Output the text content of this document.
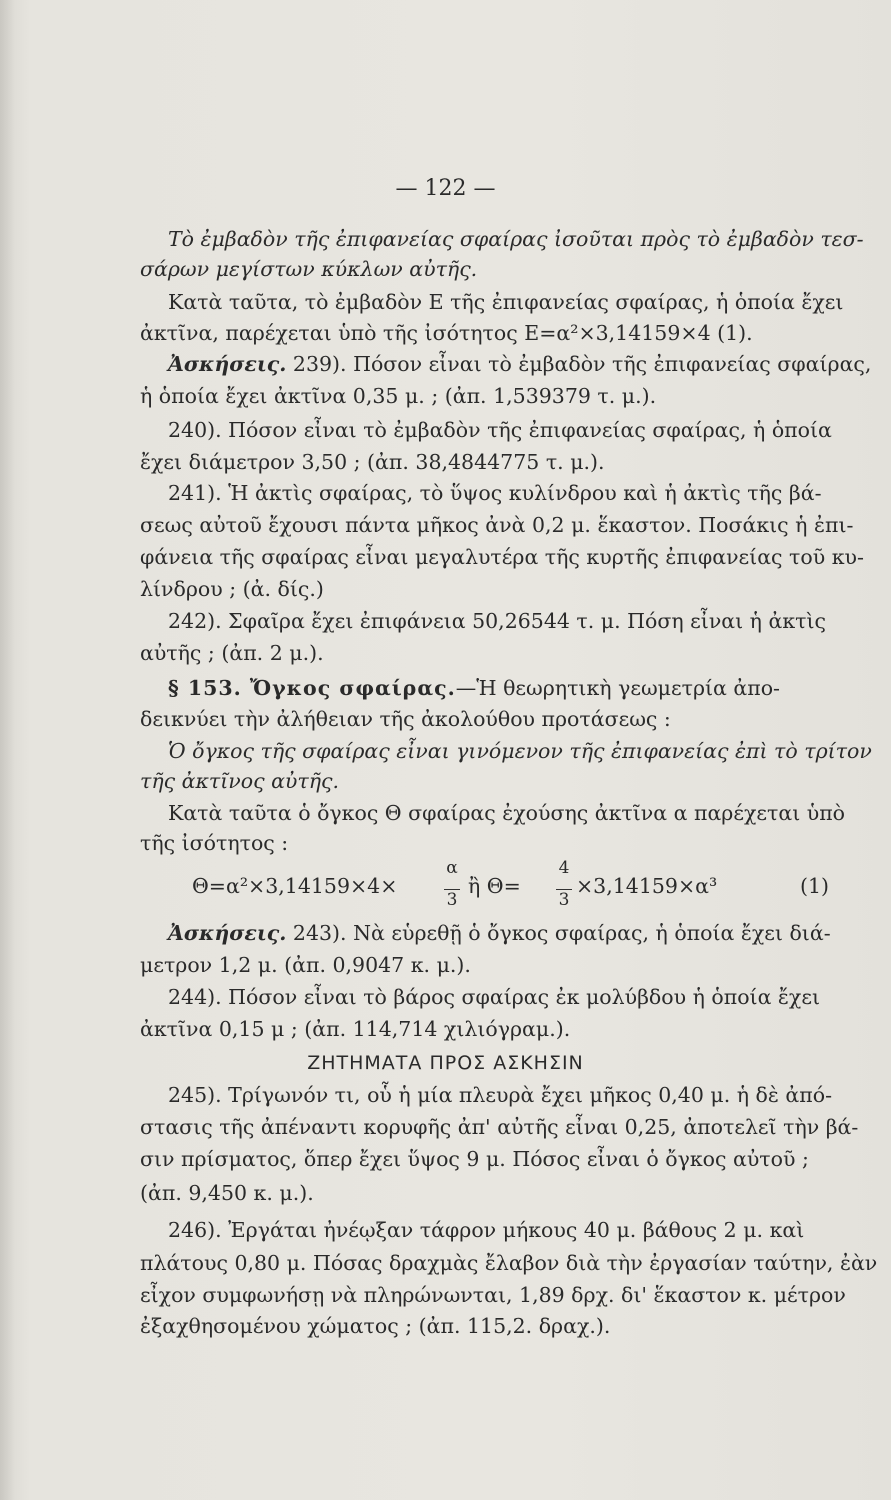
— 122 —
Τὸ ἐμβαδὸν τῆς ἐπιφανείας σφαίρας ἰσοῦται πρὸς τὸ ἐμβαδὸν τεσ-
σάρων μεγίστων κύκλων αὐτῆς.
Κατὰ ταῦτα, τὸ ἐμβαδὸν Ε τῆς ἐπιφανείας σφαίρας, ἡ ὁποία ἔχει
ἀκτῖνα, παρέχεται ὑπὸ τῆς ἰσότητος Ε=α²×3,14159×4 (1).
Ἀσκήσεις. 239). Πόσον εἶναι τὸ ἐμβαδὸν τῆς ἐπιφανείας σφαίρας,
ἡ ὁποία ἔχει ἀκτῖνα 0,35 μ. ; (ἀπ. 1,539379 τ. μ.).
240). Πόσον εἶναι τὸ ἐμβαδὸν τῆς ἐπιφανείας σφαίρας, ἡ ὁποία
ἔχει διάμετρον 3,50 ; (ἀπ. 38,4844775 τ. μ.).
241). Ἡ ἀκτὶς σφαίρας, τὸ ὕψος κυλίνδρου καὶ ἡ ἀκτὶς τῆς βά-
σεως αὐτοῦ ἔχουσι πάντα μῆκος ἀνὰ 0,2 μ. ἕκαστον. Ποσάκις ἡ ἐπι-
φάνεια τῆς σφαίρας εἶναι μεγαλυτέρα τῆς κυρτῆς ἐπιφανείας τοῦ κυ-
λίνδρου ; (ἀ. δίς.)
242). Σφαῖρα ἔχει ἐπιφάνεια 50,26544 τ. μ. Πόση εἶναι ἡ ἀκτὶς
αὐτῆς ; (ἀπ. 2 μ.).
§ 153. Ὄγκος σφαίρας.—Ἡ θεωρητικὴ γεωμετρία ἀπο-
δεικνύει τὴν ἀλήθειαν τῆς ἀκολούθου προτάσεως :
Ὁ ὄγκος τῆς σφαίρας εἶναι γινόμενον τῆς ἐπιφανείας ἐπὶ τὸ τρίτον
τῆς ἀκτῖνος αὐτῆς.
Κατὰ ταῦτα ὁ ὄγκος Θ σφαίρας ἐχούσης ἀκτῖνα α παρέχεται ὑπὸ
τῆς ἰσότητος :
Θ=α²×3,14159×4×
α
3
ἢ Θ=
4
3
×3,14159×α³	(1)
Ἀσκήσεις. 243). Νὰ εὑρεθῇ ὁ ὄγκος σφαίρας, ἡ ὁποία ἔχει διά-
μετρον 1,2 μ. (ἀπ. 0,9047 κ. μ.).
244). Πόσον εἶναι τὸ βάρος σφαίρας ἐκ μολύβδου ἡ ὁποία ἔχει
ἀκτῖνα 0,15 μ ; (ἀπ. 114,714 χιλιόγραμ.).
ΖΗΤΗΜΑΤΑ ΠΡΟΣ ΑΣΚΗΣΙΝ
245). Τρίγωνόν τι, οὗ ἡ μία πλευρὰ ἔχει μῆκος 0,40 μ. ἡ δὲ ἀπό-
στασις τῆς ἀπέναντι κορυφῆς ἀπ' αὐτῆς εἶναι 0,25, ἀποτελεῖ τὴν βά-
σιν πρίσματος, ὅπερ ἔχει ὕψος 9 μ. Πόσος εἶναι ὁ ὄγκος αὐτοῦ ;
(ἀπ. 9,450 κ. μ.).
246). Ἐργάται ἠνέῳξαν τάφρον μήκους 40 μ. βάθους 2 μ. καὶ
πλάτους 0,80 μ. Πόσας δραχμὰς ἔλαβον διὰ τὴν ἐργασίαν ταύτην, ἐὰν
εἶχον συμφωνήσῃ νὰ πληρώνωνται, 1,89 δρχ. δι' ἕκαστον κ. μέτρον
ἐξαχθησομένου χώματος ; (ἀπ. 115,2. δραχ.).
